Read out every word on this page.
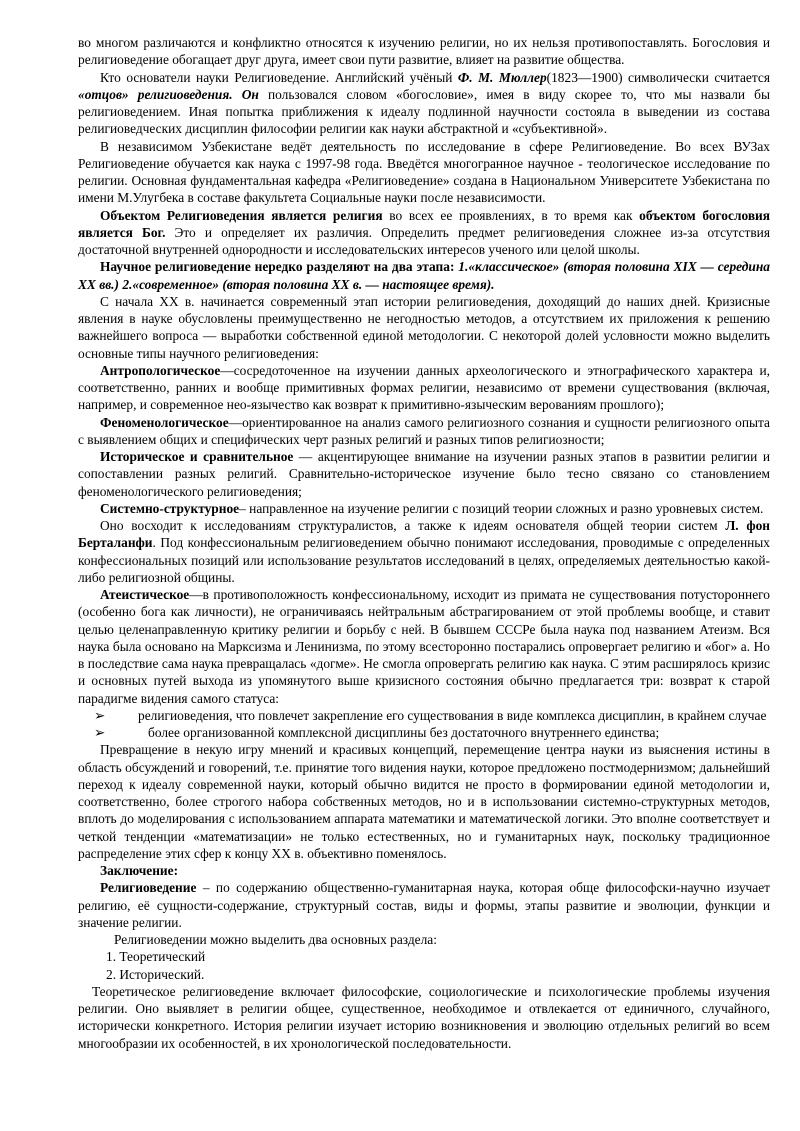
во многом различаются и конфликтно относятся к изучению религии, но их нельзя противопоставлять. Богословия и религиоведение обогащает друг друга, имеет свои пути развитие, влияет на развитие общества.

Кто основатели науки Религиоведение. Английский учёный Ф. М. Мюллер(1823—1900) символически считается «отцов» религиоведения. Он пользовался словом «богословие», имея в виду скорее то, что мы назвали бы религиоведением. Иная попытка приближения к идеалу подлинной научности состояла в выведении из состава религиоведческих дисциплин философии религии как науки абстрактной и «субъективной».

В независимом Узбекистане ведёт деятельность по исследование в сфере Религиоведение. Во всех ВУЗах Религиоведение обучается как наука с 1997-98 года. Введётся многогранное научное - теологическое исследование по религии. Основная фундаментальная кафедра «Религиоведение» создана в Национальном Университете Узбекистана по имени М.Улугбека в составе факультета Социальные науки после независимости.

Объектом Религиоведения является религия во всех ее проявлениях, в то время как объектом богословия является Бог. Это и определяет их различия. Определить предмет религиоведения сложнее из-за отсутствия достаточной внутренней однородности и исследовательских интересов ученого или целой школы.

Научное религиоведение нередко разделяют на два этапа: 1.«классическое» (вторая половина XIX — середина XX вв.) 2.«современное» (вторая половина XX в. — настоящее время).

С начала XX в. начинается современный этап истории религиоведения, доходящий до наших дней. Кризисные явления в науке обусловлены преимущественно не негодностью методов, а отсутствием их приложения к решению важнейшего вопроса — выработки собственной единой методологии. С некоторой долей условности можно выделить основные типы научного религиоведения:

Антропологическое—сосредоточенное на изучении данных археологического и этнографического характера и, соответственно, ранних и вообще примитивных формах религии, независимо от времени существования (включая, например, и современное нео-язычество как возврат к примитивно-языческим верованиям прошлого);

Феноменологическое—ориентированное на анализ самого религиозного сознания и сущности религиозного опыта с выявлением общих и специфических черт разных религий и разных типов религиозности;

Историческое и сравнительное — акцентирующее внимание на изучении разных этапов в развитии религии и сопоставлении разных религий. Сравнительно-историческое изучение было тесно связано со становлением феноменологического религиоведения;

Системно-структурное– направленное на изучение религии с позиций теории сложных и разно уровневых систем.

Оно восходит к исследованиям структуралистов, а также к идеям основателя общей теории систем Л. фон Берталанфи. Под конфессиональным религиоведением обычно понимают исследования, проводимые с определенных конфессиональных позиций или использование результатов исследований в целях, определяемых деятельностью какой-либо религиозной общины.

Атеистическое—в противоположность конфессиональному, исходит из примата не существования потустороннего (особенно бога как личности), не ограничиваясь нейтральным абстрагированием от этой проблемы вообще, и ставит целью целенаправленную критику религии и борьбу с ней. В бывшем СССРе была наука под названием Атеизм. Вся наука была основано на Марксизма и Ленинизма, по этому всесторонно постарались опровергает религию и «бог» а. Но в последствие сама наука превращалась «догме». Не смогла опровергать религию как наука. С этим расширялось кризис и основных путей выхода из упомянутого выше кризисного состояния обычно предлагается три: возврат к старой парадигме видения самого статуса:

➢ религиоведения, что повлечет закрепление его существования в виде комплекса дисциплин, в крайнем случае

➢	более организованной комплексной дисциплины без достаточного внутреннего единства;

Превращение в некую игру мнений и красивых концепций, перемещение центра науки из выяснения истины в область обсуждений и говорений, т.е. принятие того видения науки, которое предложено постмодернизмом; дальнейший переход к идеалу современной науки, который обычно видится не просто в формировании единой методологии и, соответственно, более строгого набора собственных методов, но и в использовании системно-структурных методов, вплоть до моделирования с использованием аппарата математики и математической логики. Это вполне соответствует и четкой тенденции «математизации» не только естественных, но и гуманитарных наук, поскольку традиционное распределение этих сфер к концу XX в. объективно поменялось.

Заключение:

Религиоведение – по содержанию общественно-гуманитарная наука, которая обще философски-научно изучает религию, её сущности-содержание, структурный состав, виды и формы, этапы развитие и эволюции, функции и значение религии.

Религиоведении можно выделить два основных раздела:

1. Теоретический

2. Исторический.

Теоретическое религиоведение включает философские, социологические и психологические проблемы изучения религии. Оно выявляет в религии общее, существенное, необходимое и отвлекается от единичного, случайного, исторически конкретного. История религии изучает историю возникновения и эволюцию отдельных религий во всем многообразии их особенностей, в их хронологической последовательности.
